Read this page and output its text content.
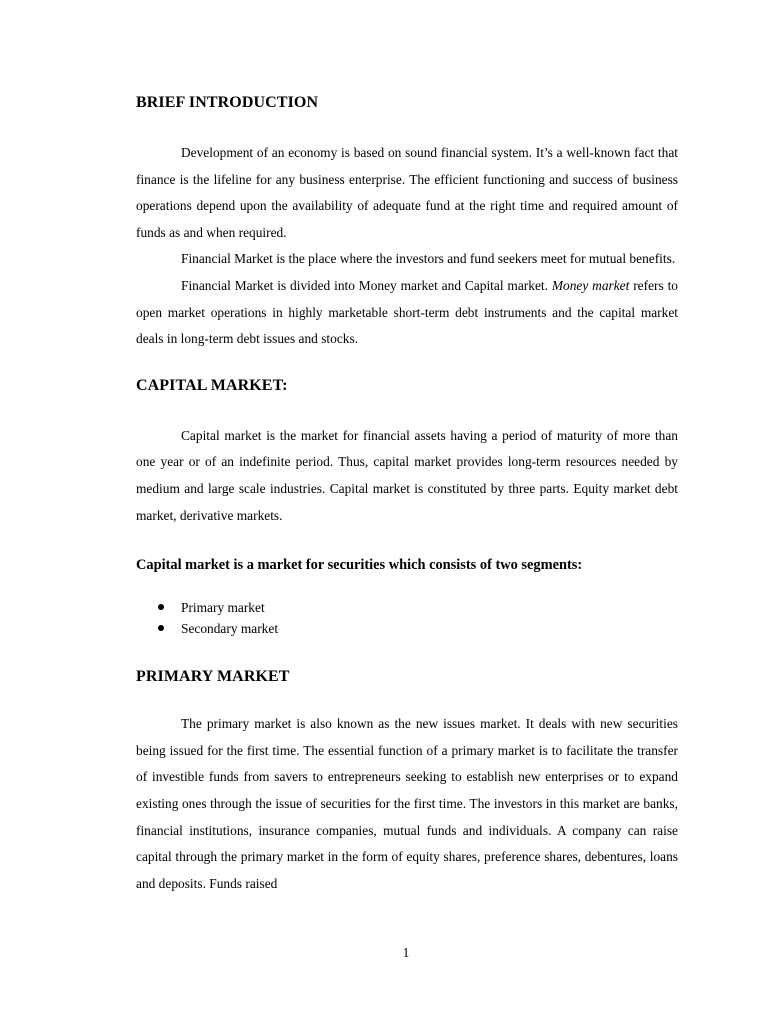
BRIEF INTRODUCTION

Development of an economy is based on sound financial system. It’s a well-known fact that finance is the lifeline for any business enterprise. The efficient functioning and success of business operations depend upon the availability of adequate fund at the right time and required amount of funds as and when required.

Financial Market is the place where the investors and fund seekers meet for mutual benefits.

Financial Market is divided into Money market and Capital market. Money market refers to open market operations in highly marketable short-term debt instruments and the capital market deals in long-term debt issues and stocks.

CAPITAL MARKET:

Capital market is the market for financial assets having a period of maturity of more than one year or of an indefinite period. Thus, capital market provides long-term resources needed by medium and large scale industries. Capital market is constituted by three parts. Equity market debt market, derivative markets.

Capital market is a market for securities which consists of two segments:
Primary market
Secondary market
PRIMARY MARKET

The primary market is also known as the new issues market. It deals with new securities being issued for the first time. The essential function of a primary market is to facilitate the transfer of investible funds from savers to entrepreneurs seeking to establish new enterprises or to expand existing ones through the issue of securities for the first time. The investors in this market are banks, financial institutions, insurance companies, mutual funds and individuals. A company can raise capital through the primary market in the form of equity shares, preference shares, debentures, loans and deposits. Funds raised

1
